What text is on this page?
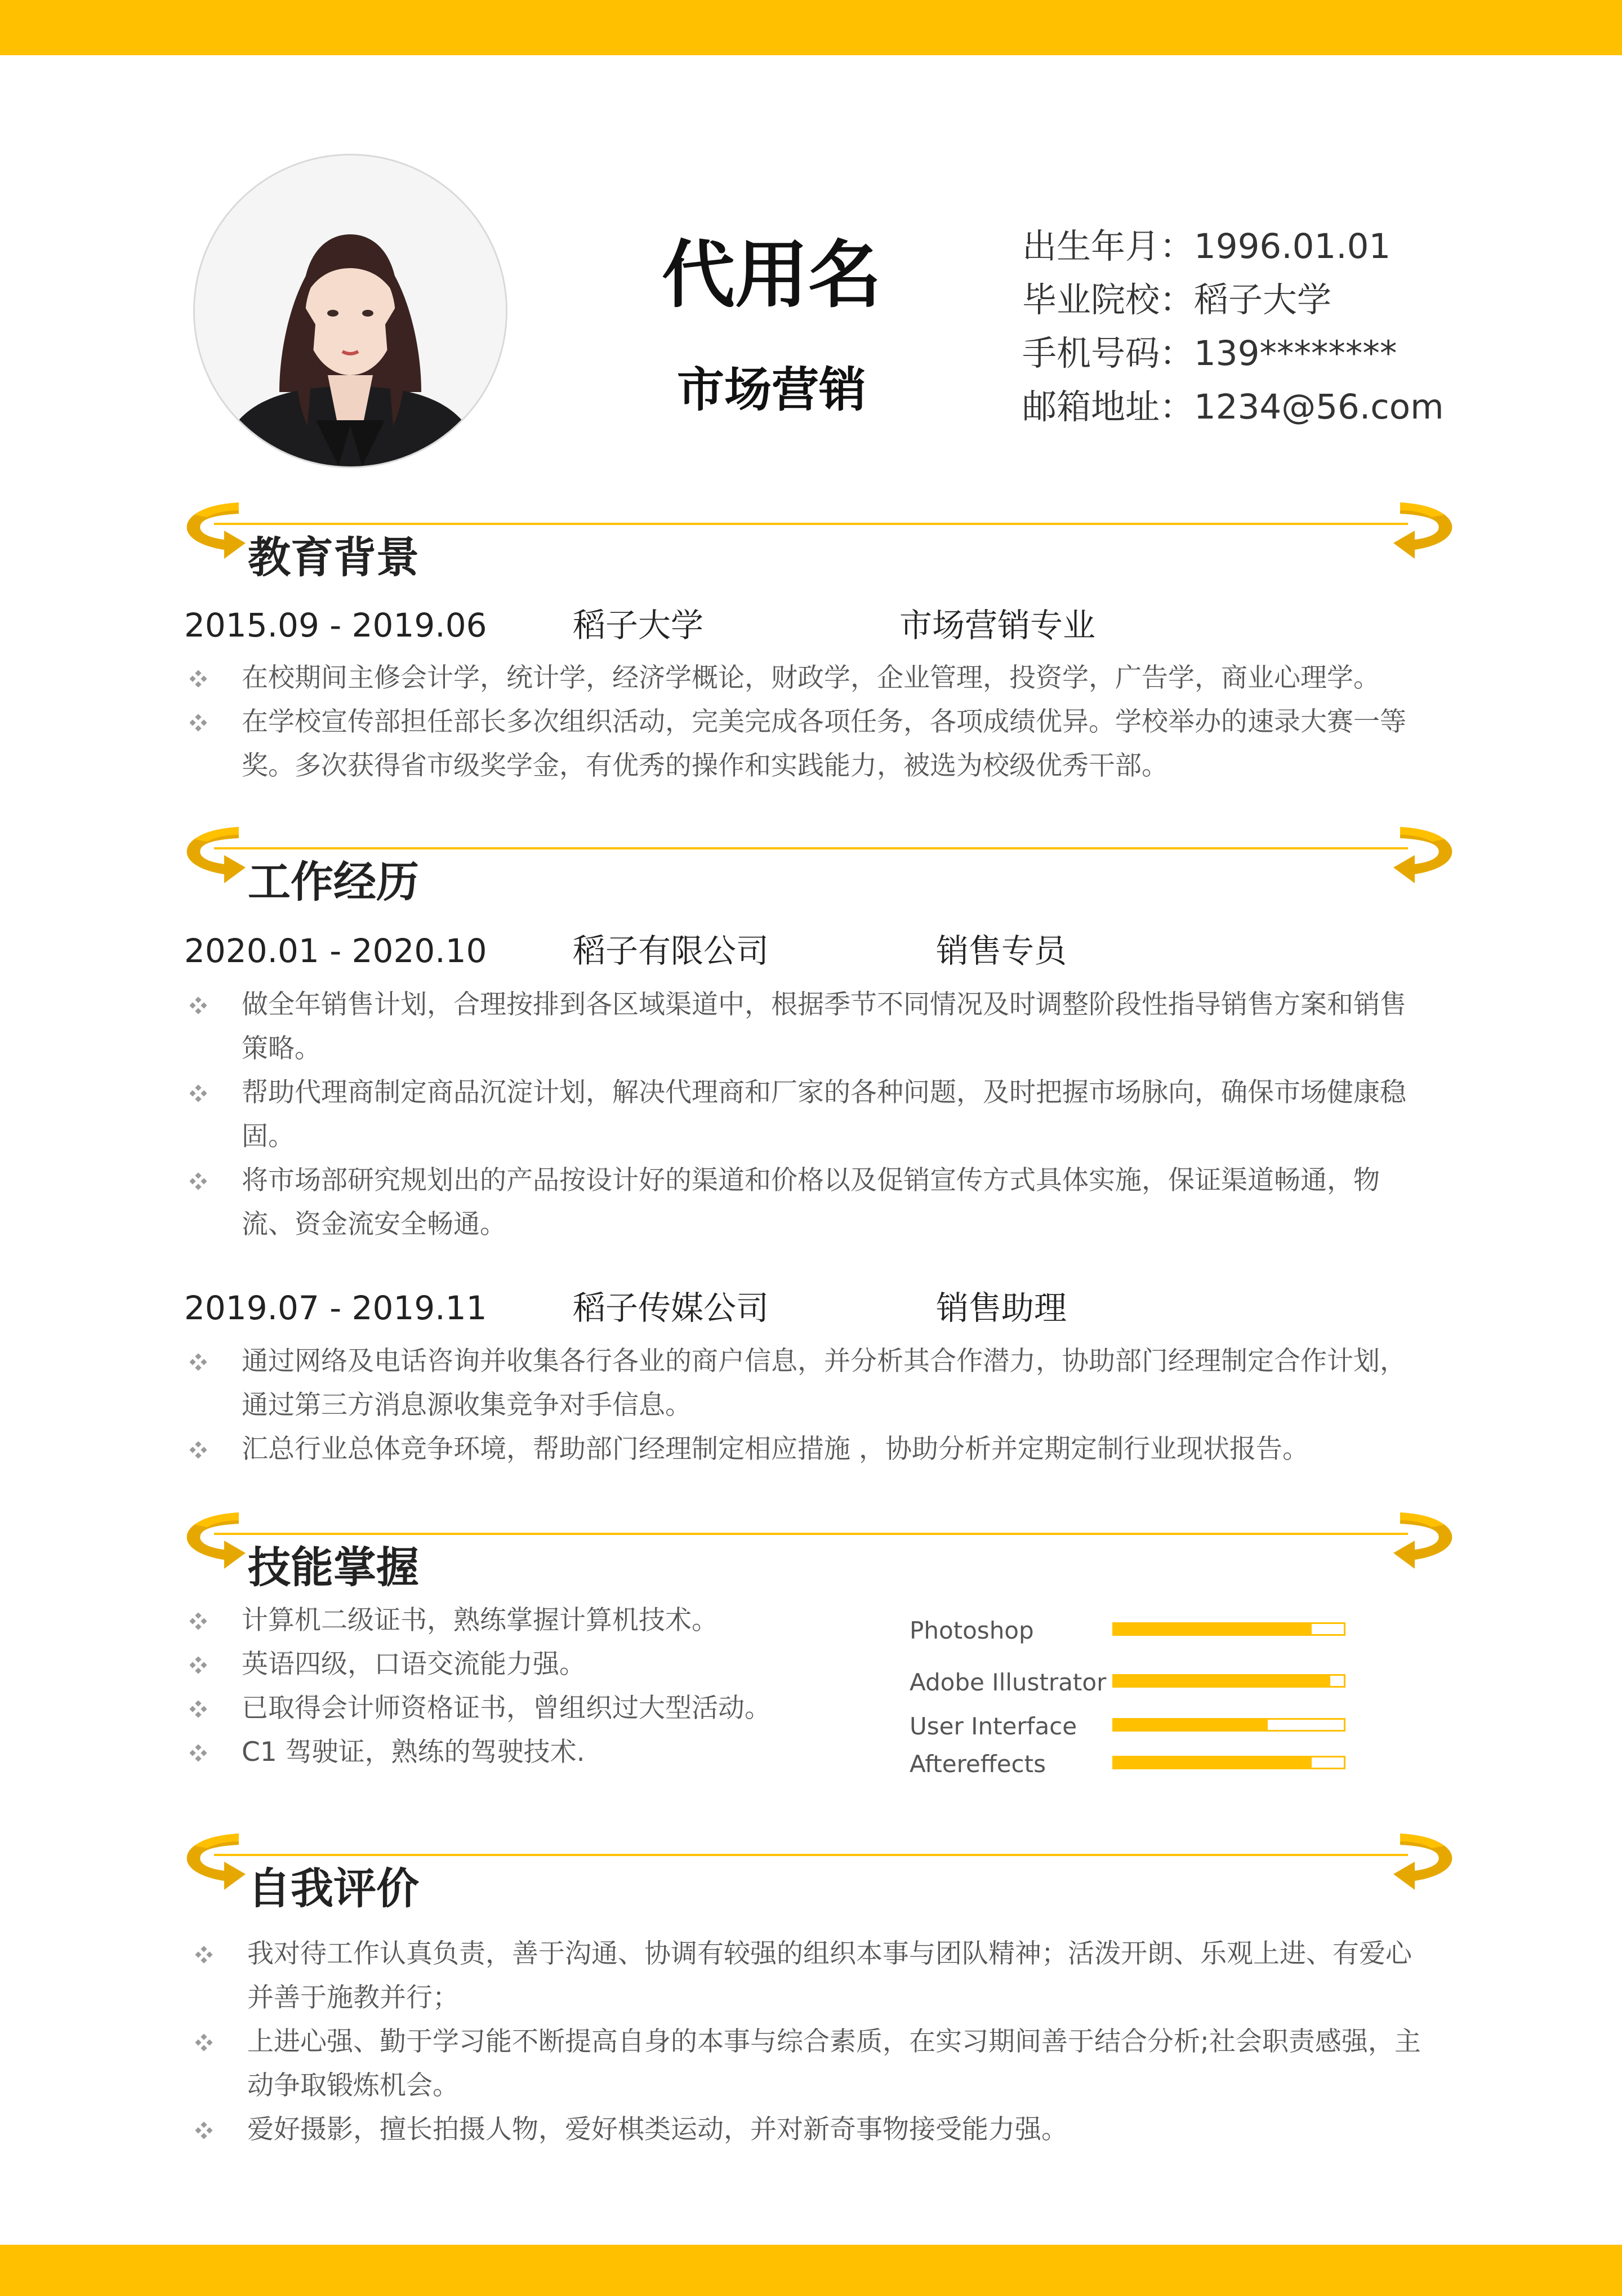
代用名
市场营销
出生年月：1996.01.01
毕业院校：稻子大学
手机号码：139********
邮箱地址：1234@56.com
教育背景
2015.09 - 2019.06	稻子大学	市场营销专业
在校期间主修会计学，统计学，经济学概论，财政学，企业管理，投资学，广告学，商业心理学。
在学校宣传部担任部长多次组织活动，完美完成各项任务，各项成绩优异。学校举办的速录大赛一等奖。多次获得省市级奖学金，有优秀的操作和实践能力，被选为校级优秀干部。
工作经历
2020.01 - 2020.10	稻子有限公司	销售专员
做全年销售计划，合理按排到各区域渠道中，根据季节不同情况及时调整阶段性指导销售方案和销售策略。
帮助代理商制定商品沉淀计划，解决代理商和厂家的各种问题，及时把握市场脉向，确保市场健康稳固。
将市场部研究规划出的产品按设计好的渠道和价格以及促销宣传方式具体实施，保证渠道畅通，物流、资金流安全畅通。
2019.07 - 2019.11	稻子传媒公司	销售助理
通过网络及电话咨询并收集各行各业的商户信息，并分析其合作潜力，协助部门经理制定合作计划，通过第三方消息源收集竞争对手信息。
汇总行业总体竞争环境，帮助部门经理制定相应措施 ，协助分析并定期定制行业现状报告。
技能掌握
计算机二级证书，熟练掌握计算机技术。
英语四级，口语交流能力强。
已取得会计师资格证书，曾组织过大型活动。
C1 驾驶证，熟练的驾驶技术.
Photoshop
Adobe Illustrator
User Interface
Aftereffects
自我评价
我对待工作认真负责，善于沟通、协调有较强的组织本事与团队精神；活泼开朗、乐观上进、有爱心并善于施教并行；
上进心强、勤于学习能不断提高自身的本事与综合素质，在实习期间善于结合分析;社会职责感强，主动争取锻炼机会。
爱好摄影，擅长拍摄人物，爱好棋类运动，并对新奇事物接受能力强。
